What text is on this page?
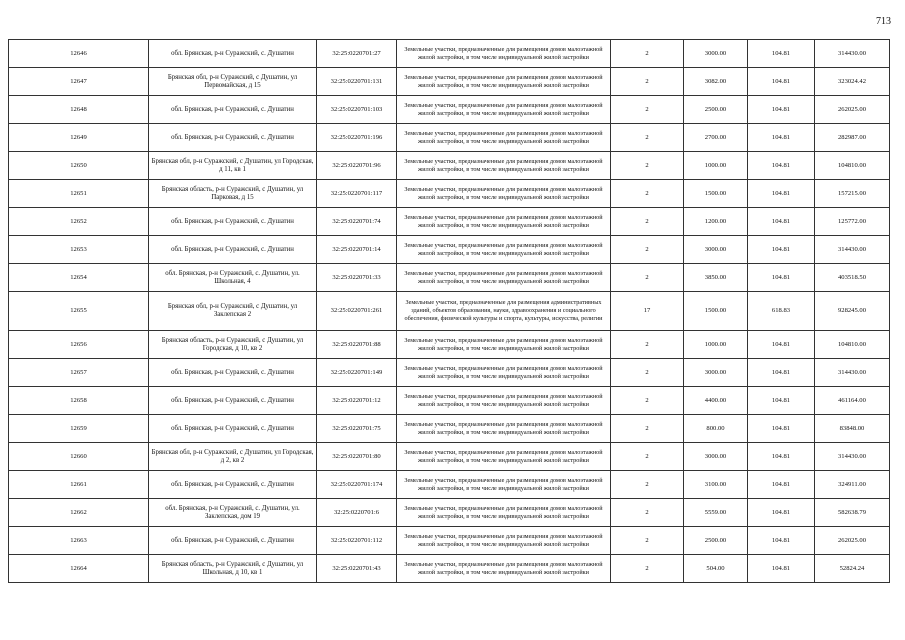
713
12646	обл. Брянская, р-н Суражский, с. Душатин	32:25:0220701:27	Земельные участки, предназначенные для размещения домов малоэтажной жилой застройки, в том числе индивидуальной жилой застройки	2	3000.00	104.81	314430.00
12647	Брянская обл, р-н Суражский, с Душатин, ул Первомайская, д 15	32:25:0220701:131	Земельные участки, предназначенные для размещения домов малоэтажной жилой застройки, в том числе индивидуальной жилой застройки	2	3082.00	104.81	323024.42
12648	обл. Брянская, р-н Суражский, с. Душатин	32:25:0220701:103	Земельные участки, предназначенные для размещения домов малоэтажной жилой застройки, в том числе индивидуальной жилой застройки	2	2500.00	104.81	262025.00
12649	обл. Брянская, р-н Суражский, с. Душатин	32:25:0220701:196	Земельные участки, предназначенные для размещения домов малоэтажной жилой застройки, в том числе индивидуальной жилой застройки	2	2700.00	104.81	282987.00
12650	Брянская обл, р-н Суражский, с Душатин, ул Городская, д 11, кв 1	32:25:0220701:96	Земельные участки, предназначенные для размещения домов малоэтажной жилой застройки, в том числе индивидуальной жилой застройки	2	1000.00	104.81	104810.00
12651	Брянская область, р-н Суражский, с Душатин, ул Парковая, д 15	32:25:0220701:117	Земельные участки, предназначенные для размещения домов малоэтажной жилой застройки, в том числе индивидуальной жилой застройки	2	1500.00	104.81	157215.00
12652	обл. Брянская, р-н Суражский, с. Душатин	32:25:0220701:74	Земельные участки, предназначенные для размещения домов малоэтажной жилой застройки, в том числе индивидуальной жилой застройки	2	1200.00	104.81	125772.00
12653	обл. Брянская, р-н Суражский, с. Душатин	32:25:0220701:14	Земельные участки, предназначенные для размещения домов малоэтажной жилой застройки, в том числе индивидуальной жилой застройки	2	3000.00	104.81	314430.00
12654	обл. Брянская, р-н Суражский, с. Душатин, ул. Школьная, 4	32:25:0220701:33	Земельные участки, предназначенные для размещения домов малоэтажной жилой застройки, в том числе индивидуальной жилой застройки	2	3850.00	104.81	403518.50
12655	Брянская обл, р-н Суражский, с Душатин, ул Заклепская 2	32:25:0220701:261	Земельные участки, предназначенные для размещения административных зданий, объектов образования, науки, здравоохранения и социального обеспечения, физической культуры и спорта, культуры, искусства, религии	17	1500.00	618.83	928245.00
12656	Брянская область, р-н Суражский, с Душатин, ул Городская, д 10, кв 2	32:25:0220701:88	Земельные участки, предназначенные для размещения домов малоэтажной жилой застройки, в том числе индивидуальной жилой застройки	2	1000.00	104.81	104810.00
12657	обл. Брянская, р-н Суражский, с. Душатин	32:25:0220701:149	Земельные участки, предназначенные для размещения домов малоэтажной жилой застройки, в том числе индивидуальной жилой застройки	2	3000.00	104.81	314430.00
12658	обл. Брянская, р-н Суражский, с. Душатин	32:25:0220701:12	Земельные участки, предназначенные для размещения домов малоэтажной жилой застройки, в том числе индивидуальной жилой застройки	2	4400.00	104.81	461164.00
12659	обл. Брянская, р-н Суражский, с. Душатин	32:25:0220701:75	Земельные участки, предназначенные для размещения домов малоэтажной жилой застройки, в том числе индивидуальной жилой застройки	2	800.00	104.81	83848.00
12660	Брянская обл, р-н Суражский, с Душатин, ул Городская, д 2, кв 2	32:25:0220701:80	Земельные участки, предназначенные для размещения домов малоэтажной жилой застройки, в том числе индивидуальной жилой застройки	2	3000.00	104.81	314430.00
12661	обл. Брянская, р-н Суражский, с. Душатин	32:25:0220701:174	Земельные участки, предназначенные для размещения домов малоэтажной жилой застройки, в том числе индивидуальной жилой застройки	2	3100.00	104.81	324911.00
12662	обл. Брянская, р-н Суражский, с. Душатин, ул. Заклепская, дом 19	32:25:0220701:6	Земельные участки, предназначенные для размещения домов малоэтажной жилой застройки, в том числе индивидуальной жилой застройки	2	5559.00	104.81	582638.79
12663	обл. Брянская, р-н Суражский, с. Душатин	32:25:0220701:112	Земельные участки, предназначенные для размещения домов малоэтажной жилой застройки, в том числе индивидуальной жилой застройки	2	2500.00	104.81	262025.00
12664	Брянская область, р-н Суражский, с Душатин, ул Школьная, д 10, кв 1	32:25:0220701:43	Земельные участки, предназначенные для размещения домов малоэтажной жилой застройки, в том числе индивидуальной жилой застройки	2	504.00	104.81	52824.24
